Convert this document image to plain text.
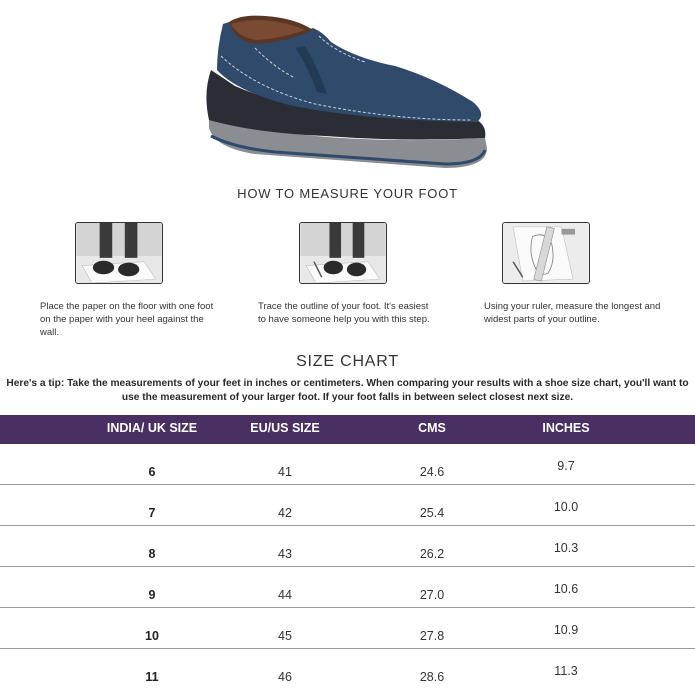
HOW TO MEASURE YOUR FOOT
Place the paper on the floor with one foot on the paper with your heel against the wall.
Trace the outline of your foot. It's easiest to have someone help you with this step.
Using your ruler, measure the longest and widest parts of your outline.
SIZE CHART
Here's a tip: Take the measurements of your feet in inches or centimeters. When comparing your results with a shoe size chart, you'll want to use the measurement of your larger foot. If your foot falls in between select closest next size.
INDIA/ UK SIZE	EU/US SIZE	CMS	INCHES
6	41	24.6	9.7
7	42	25.4	10.0
8	43	26.2	10.3
9	44	27.0	10.6
10	45	27.8	10.9
11	46	28.6	11.3
